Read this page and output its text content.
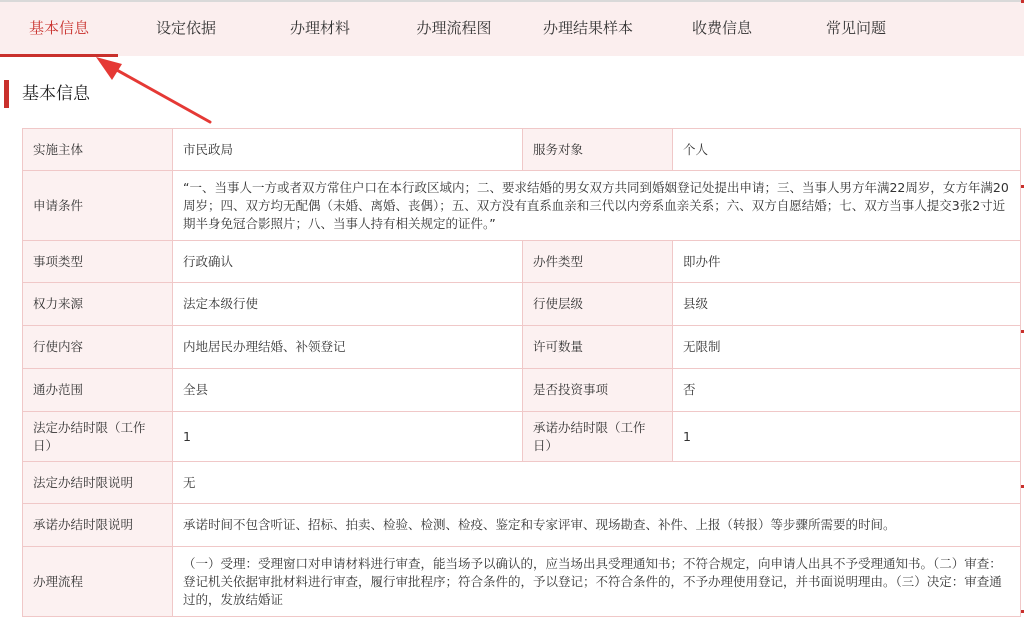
基本信息	设定依据	办理材料	办理流程图	办理结果样本	收费信息	常见问题
基本信息
实施主体	市民政局	服务对象	个人
申请条件	“一、当事人一方或者双方常住户口在本行政区域内；二、要求结婚的男女双方共同到婚姻登记处提出申请；三、当事人男方年满22周岁，女方年满20周岁；四、双方均无配偶（未婚、离婚、丧偶）；五、双方没有直系血亲和三代以内旁系血亲关系；六、双方自愿结婚；七、双方当事人提交3张2寸近期半身免冠合影照片；八、当事人持有相关规定的证件。”		
事项类型	行政确认	办件类型	即办件
权力来源	法定本级行使	行使层级	县级
行使内容	内地居民办理结婚、补领登记	许可数量	无限制
通办范围	全县	是否投资事项	否
法定办结时限（工作日）	1	承诺办结时限（工作日）	1
法定办结时限说明	无		
承诺办结时限说明	承诺时间不包含听证、招标、拍卖、检验、检测、检疫、鉴定和专家评审、现场勘查、补件、上报（转报）等步骤所需要的时间。		
办理流程	（一）受理：受理窗口对申请材料进行审查，能当场予以确认的，应当场出具受理通知书；不符合规定，向申请人出具不予受理通知书。（二）审查：登记机关依据审批材料进行审查，履行审批程序；符合条件的，予以登记；不符合条件的，不予办理使用登记，并书面说明理由。（三）决定：审查通过的，发放结婚证		
